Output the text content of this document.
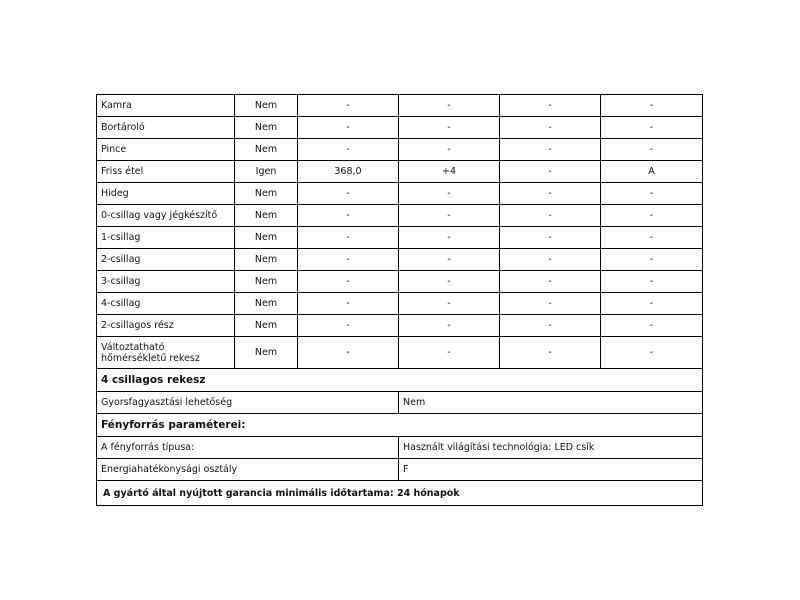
Kamra	Nem	-	-	-	-
Bortároló	Nem	-	-	-	-
Pince	Nem	-	-	-	-
Friss étel	Igen	368,0	+4	-	A
Hideg	Nem	-	-	-	-
0-csillag vagy jégkészítő	Nem	-	-	-	-
1-csillag	Nem	-	-	-	-
2-csillag	Nem	-	-	-	-
3-csillag	Nem	-	-	-	-
4-csillag	Nem	-	-	-	-
2-csillagos rész	Nem	-	-	-	-
Változtatható hőmérsékletű rekesz	Nem	-	-	-	-
4 csillagos rekesz					
Gyorsfagyasztási lehetőség			Nem		
Fényforrás paraméterei:					
A fényforrás típusa:			Használt világítási technológia: LED csík		
Energiahatékonysági osztály			F		
A gyártó által nyújtott garancia minimális időtartama: 24 hónapok					
